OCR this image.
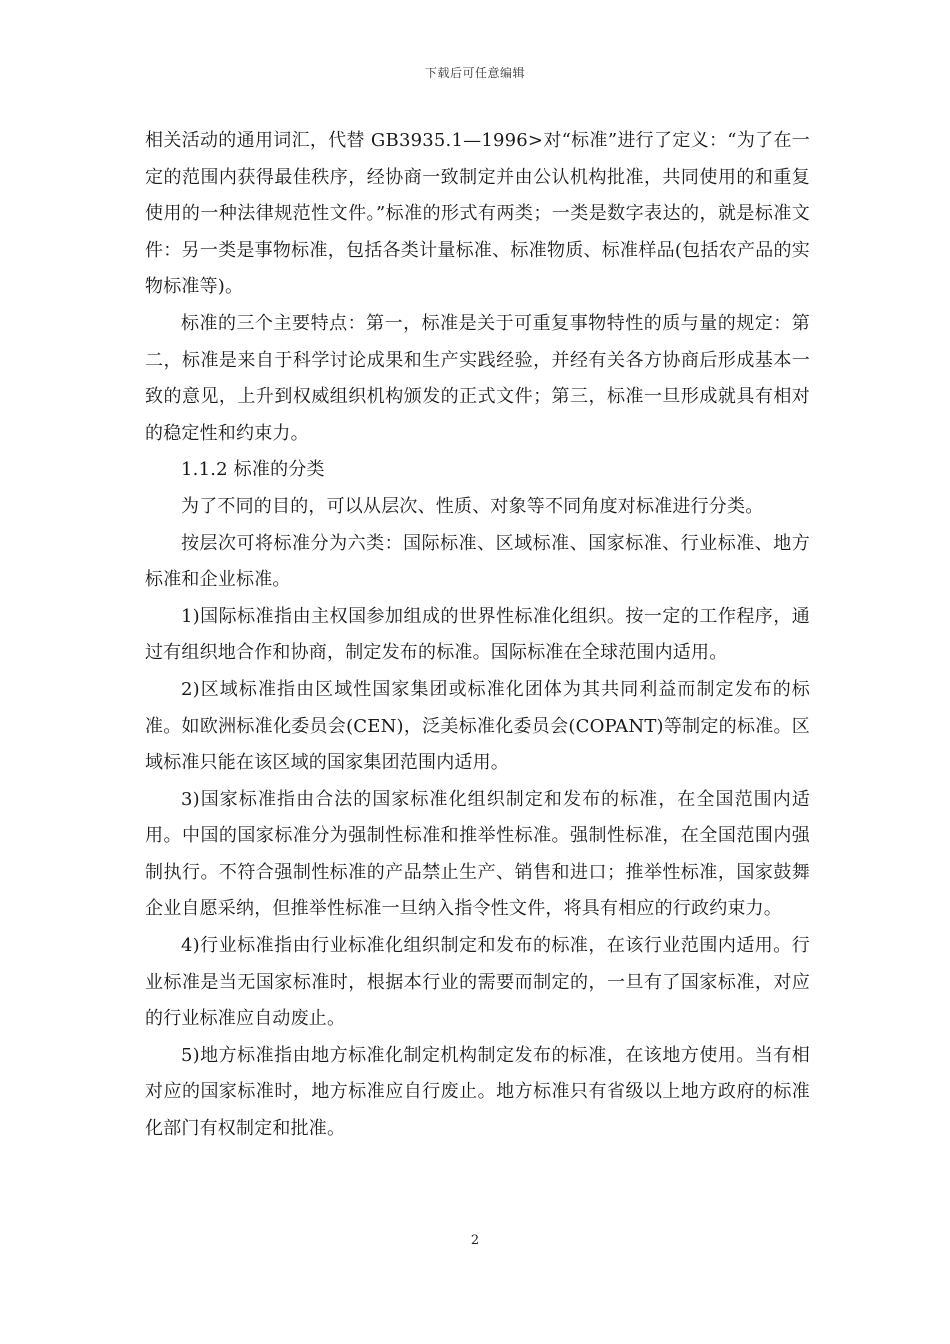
下载后可任意编辑

相关活动的通用词汇，代替 GB3935.1—1996>对“标准”进行了定义：“为了在一定的范围内获得最佳秩序，经协商一致制定并由公认机构批准，共同使用的和重复使用的一种法律规范性文件。”标准的形式有两类；一类是数字表达的，就是标准文件：另一类是事物标准，包括各类计量标准、标准物质、标准样品(包括农产品的实物标准等)。

标准的三个主要特点：第一，标准是关于可重复事物特性的质与量的规定：第二，标准是来自于科学讨论成果和生产实践经验，并经有关各方协商后形成基本一致的意见，上升到权威组织机构颁发的正式文件；第三，标准一旦形成就具有相对的稳定性和约束力。

1.1.2 标准的分类

为了不同的目的，可以从层次、性质、对象等不同角度对标准进行分类。

按层次可将标准分为六类：国际标准、区域标准、国家标准、行业标准、地方标准和企业标准。

1)国际标准指由主权国参加组成的世界性标准化组织。按一定的工作程序，通过有组织地合作和协商，制定发布的标准。国际标准在全球范围内适用。

2)区域标准指由区域性国家集团或标准化团体为其共同利益而制定发布的标准。如欧洲标准化委员会(CEN)，泛美标准化委员会(COPANT)等制定的标准。区域标准只能在该区域的国家集团范围内适用。

3)国家标准指由合法的国家标准化组织制定和发布的标准，在全国范围内适用。中国的国家标准分为强制性标准和推举性标准。强制性标准，在全国范围内强制执行。不符合强制性标准的产品禁止生产、销售和进口；推举性标准，国家鼓舞企业自愿采纳，但推举性标准一旦纳入指令性文件，将具有相应的行政约束力。

4)行业标准指由行业标准化组织制定和发布的标准，在该行业范围内适用。行业标准是当无国家标准时，根据本行业的需要而制定的，一旦有了国家标准，对应的行业标准应自动废止。

5)地方标准指由地方标准化制定机构制定发布的标准，在该地方使用。当有相对应的国家标准时，地方标准应自行废止。地方标准只有省级以上地方政府的标准化部门有权制定和批准。

2
